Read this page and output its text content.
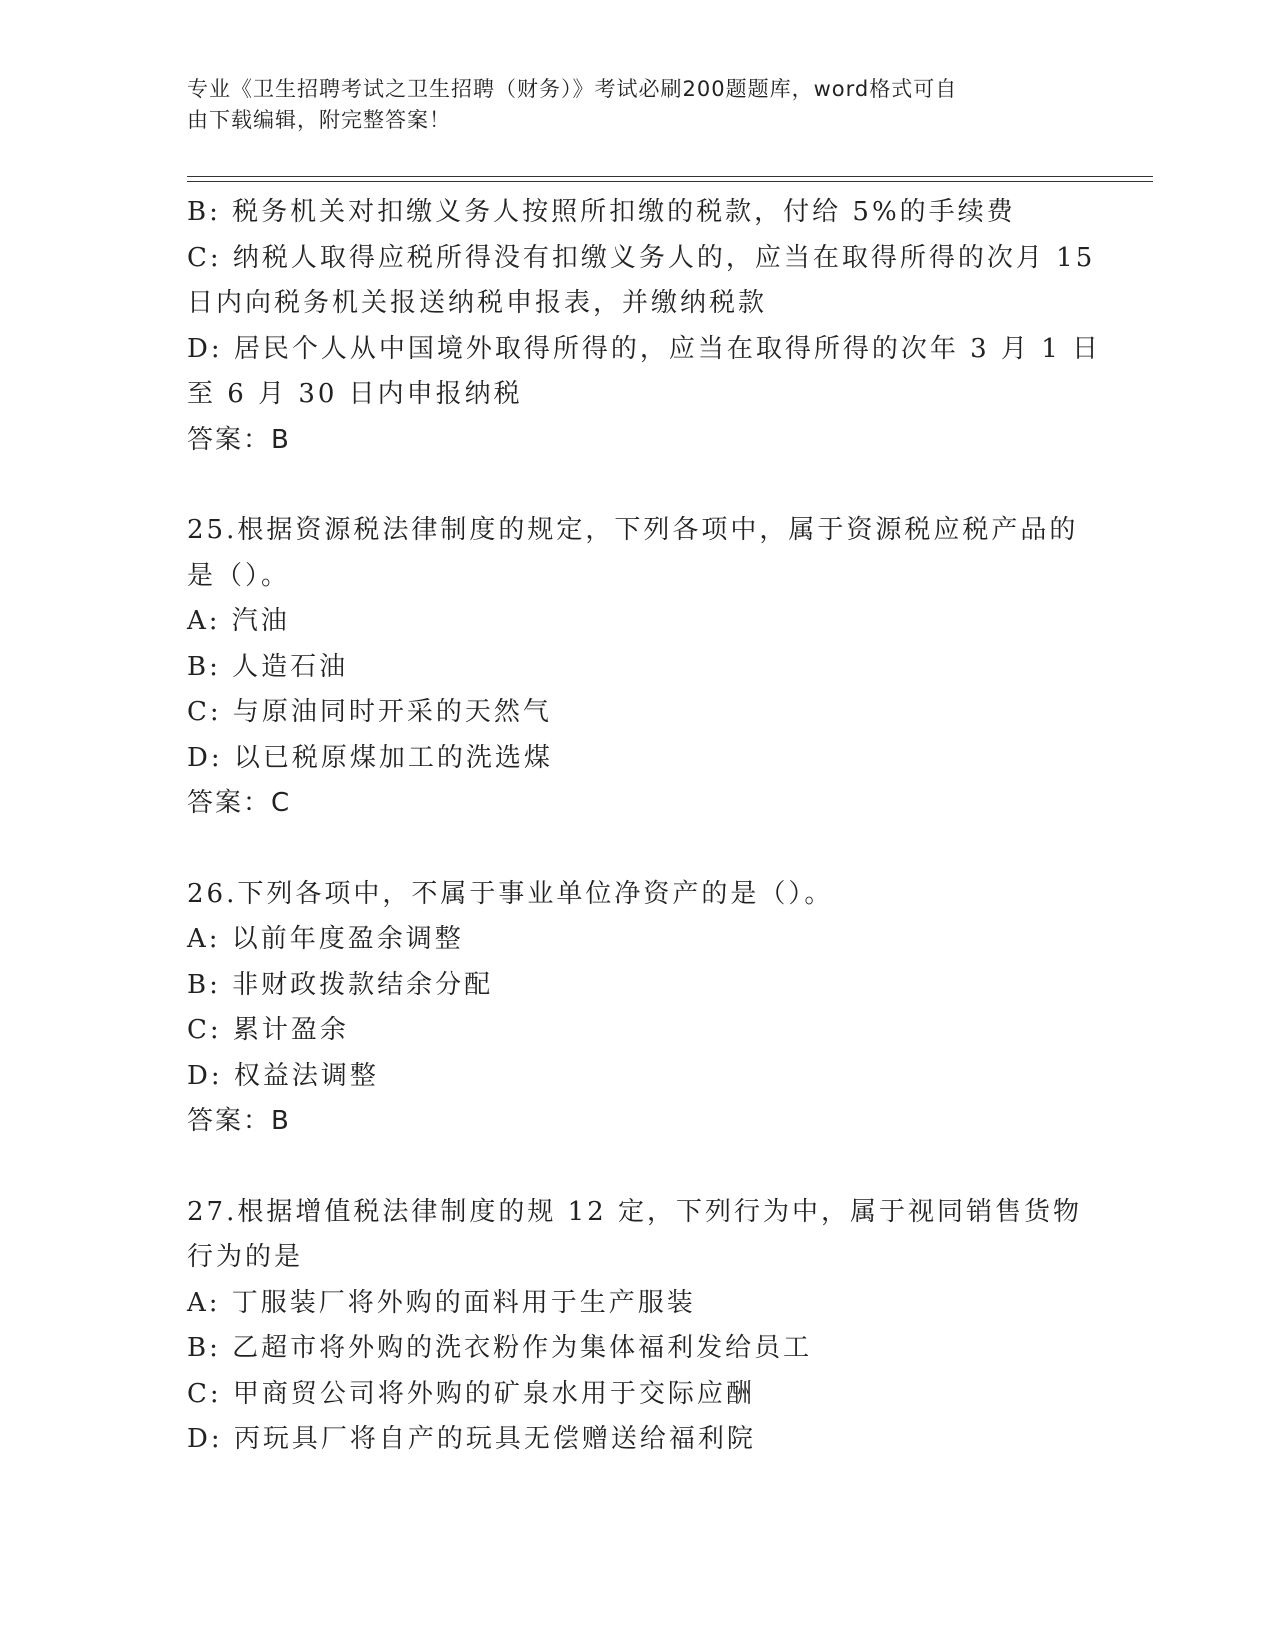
专业《卫生招聘考试之卫生招聘（财务）》考试必刷200题题库，word格式可自
由下载编辑，附完整答案！
B: 税务机关对扣缴义务人按照所扣缴的税款，付给 5%的手续费
C: 纳税人取得应税所得没有扣缴义务人的，应当在取得所得的次月 15
日内向税务机关报送纳税申报表，并缴纳税款
D: 居民个人从中国境外取得所得的，应当在取得所得的次年 3 月 1 日
至 6 月 30 日内申报纳税
答案：B
25.根据资源税法律制度的规定，下列各项中，属于资源税应税产品的
是（）。
A: 汽油
B: 人造石油
C: 与原油同时开采的天然气
D: 以已税原煤加工的洗选煤
答案：C
26.下列各项中，不属于事业单位净资产的是（）。
A: 以前年度盈余调整
B: 非财政拨款结余分配
C: 累计盈余
D: 权益法调整
答案：B
27.根据增值税法律制度的规 12 定，下列行为中，属于视同销售货物
行为的是
A: 丁服装厂将外购的面料用于生产服装
B: 乙超市将外购的洗衣粉作为集体福利发给员工
C: 甲商贸公司将外购的矿泉水用于交际应酬
D: 丙玩具厂将自产的玩具无偿赠送给福利院
